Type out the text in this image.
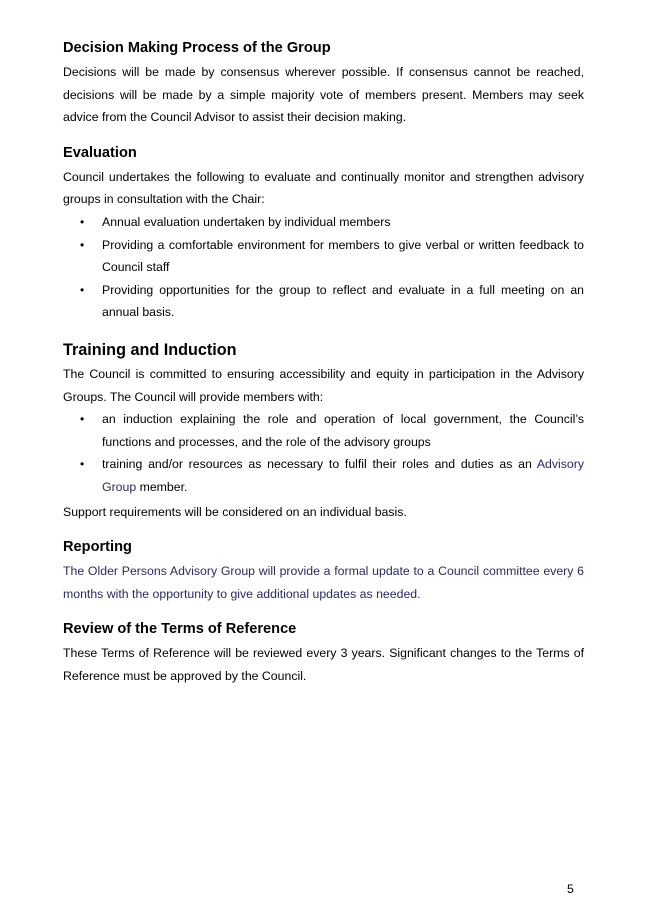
Decision Making Process of the Group

Decisions will be made by consensus wherever possible. If consensus cannot be reached, decisions will be made by a simple majority vote of members present. Members may seek advice from the Council Advisor to assist their decision making.

Evaluation

Council undertakes the following to evaluate and continually monitor and strengthen advisory groups in consultation with the Chair:

• Annual evaluation undertaken by individual members
• Providing a comfortable environment for members to give verbal or written feedback to Council staff
• Providing opportunities for the group to reflect and evaluate in a full meeting on an annual basis.
Training and Induction

The Council is committed to ensuring accessibility and equity in participation in the Advisory Groups. The Council will provide members with:

• an induction explaining the role and operation of local government, the Council’s functions and processes, and the role of the advisory groups
• training and/or resources as necessary to fulfil their roles and duties as an Advisory Group member.

Support requirements will be considered on an individual basis.

Reporting

The Older Persons Advisory Group will provide a formal update to a Council committee every 6 months with the opportunity to give additional updates as needed.

Review of the Terms of Reference

These Terms of Reference will be reviewed every 3 years. Significant changes to the Terms of Reference must be approved by the Council.

5
